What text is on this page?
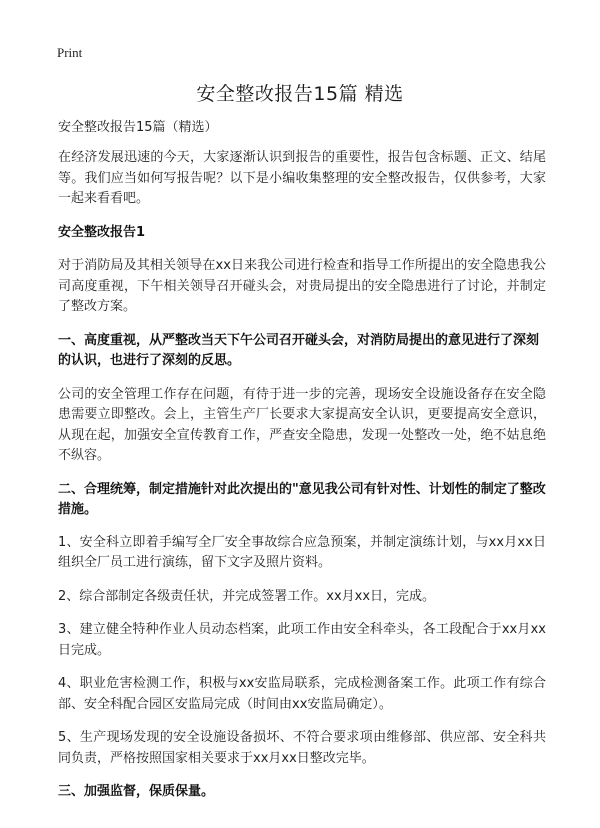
Print
安全整改报告15篇 精选

安全整改报告15篇（精选）

在经济发展迅速的今天，大家逐渐认识到报告的重要性，报告包含标题、正文、结尾等。我们应当如何写报告呢？以下是小编收集整理的安全整改报告，仅供参考，大家一起来看看吧。

安全整改报告1

对于消防局及其相关领导在xx日来我公司进行检查和指导工作所提出的安全隐患我公司高度重视，下午相关领导召开碰头会，对贵局提出的安全隐患进行了讨论，并制定了整改方案。

一、高度重视，从严整改当天下午公司召开碰头会，对消防局提出的意见进行了深刻的认识，也进行了深刻的反思。

公司的安全管理工作存在问题，有待于进一步的完善，现场安全设施设备存在安全隐患需要立即整改。会上，主管生产厂长要求大家提高安全认识，更要提高安全意识，从现在起，加强安全宣传教育工作，严查安全隐患，发现一处整改一处，绝不姑息绝不纵容。

二、合理统筹，制定措施针对此次提出的"意见我公司有针对性、计划性的制定了整改措施。

1、安全科立即着手编写全厂安全事故综合应急预案，并制定演练计划，与xx月xx日组织全厂员工进行演练，留下文字及照片资料。

2、综合部制定各级责任状，并完成签署工作。xx月xx日，完成。

3、建立健全特种作业人员动态档案，此项工作由安全科牵头，各工段配合于xx月xx日完成。

4、职业危害检测工作，积极与xx安监局联系，完成检测备案工作。此项工作有综合部、安全科配合园区安监局完成（时间由xx安监局确定）。

5、生产现场发现的安全设施设备损坏、不符合要求项由维修部、供应部、安全科共同负责，严格按照国家相关要求于xx月xx日整改完毕。

三、加强监督，保质保量。
